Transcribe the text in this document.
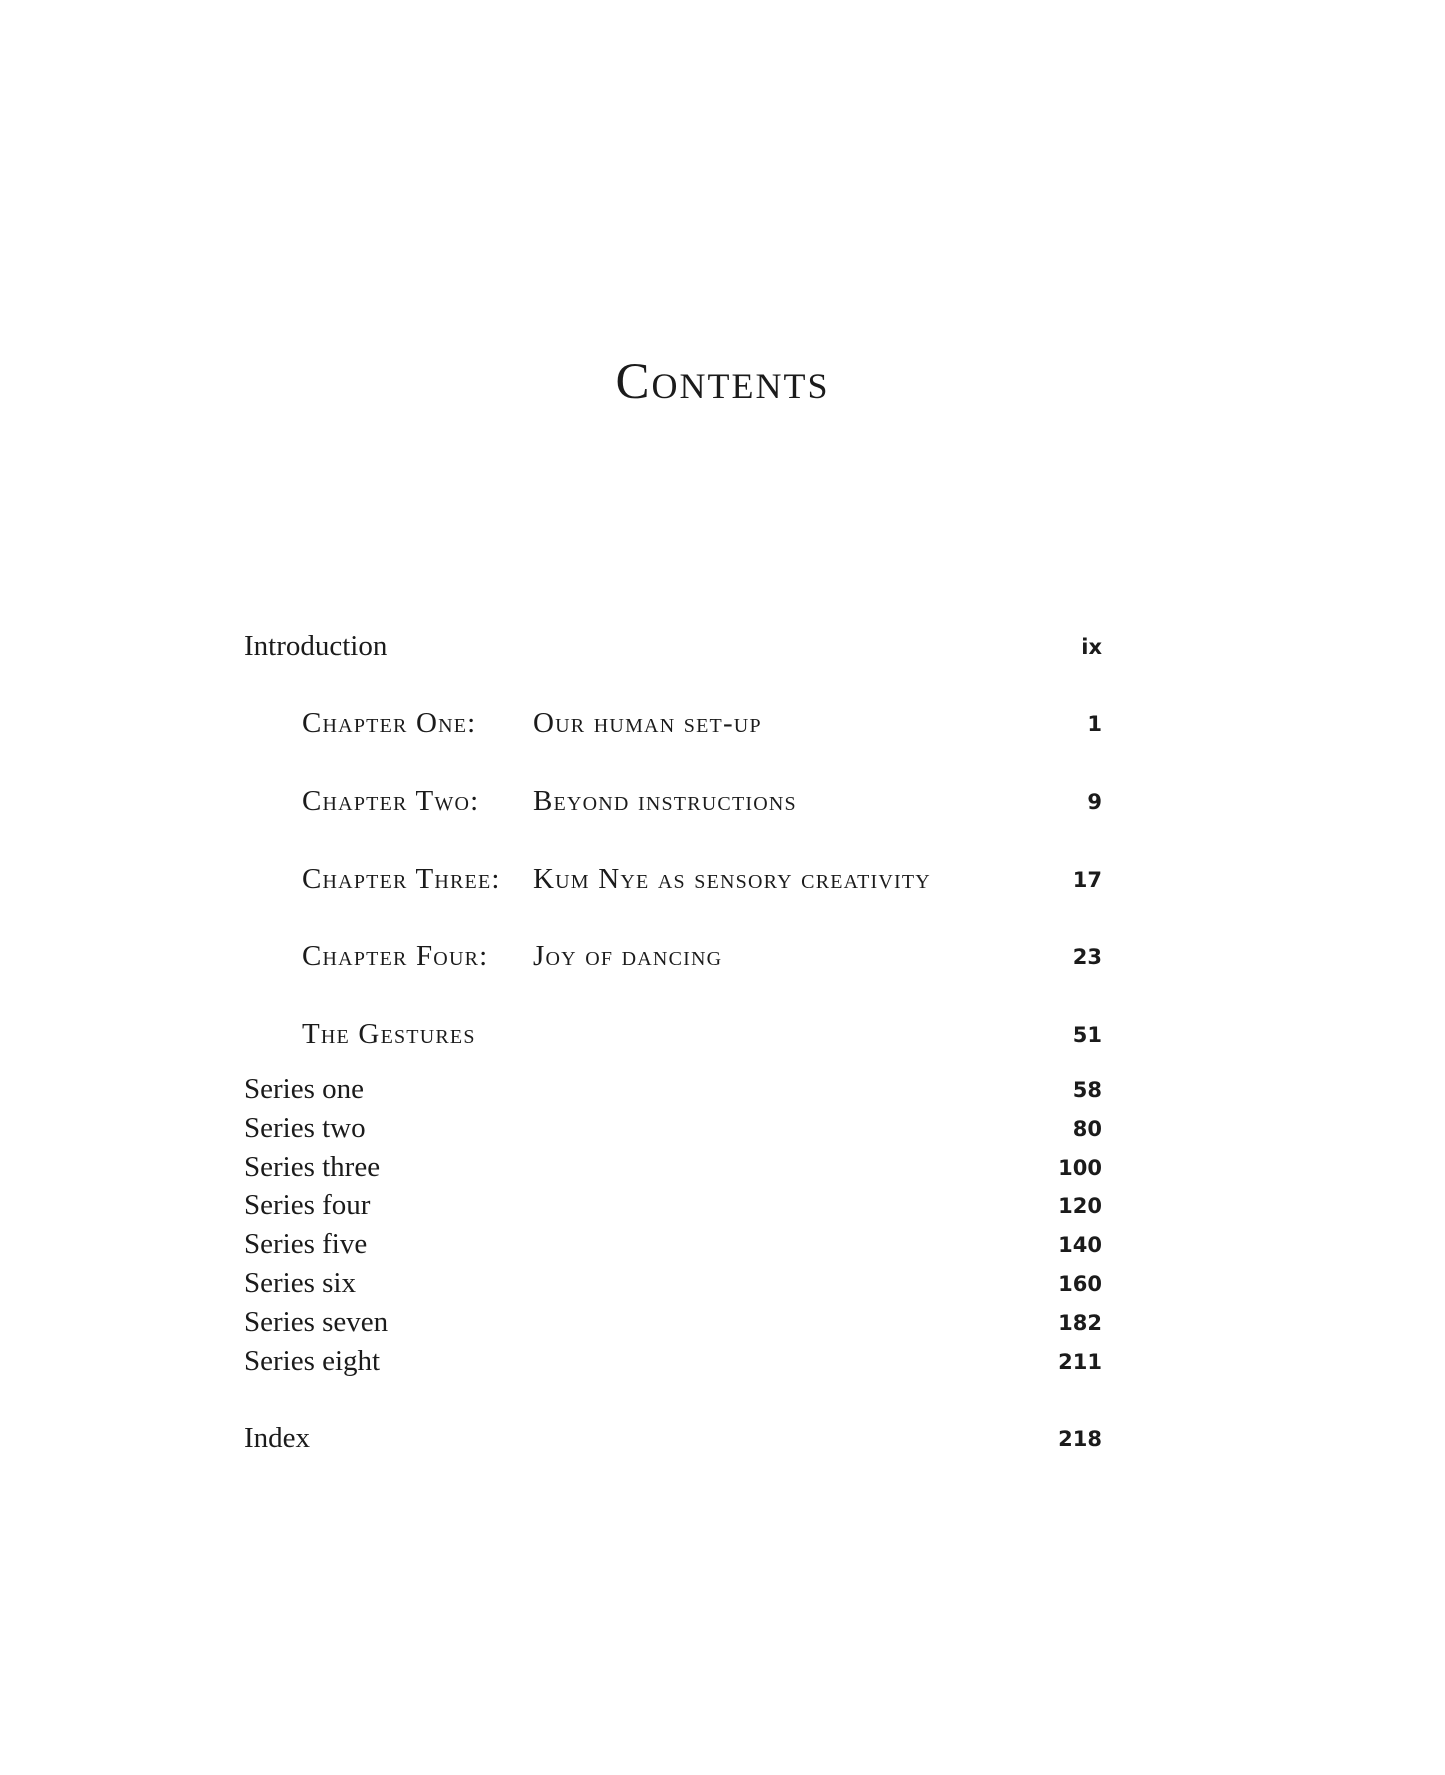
Contents
Introduction	ix
Chapter One: Our human set-up	1
Chapter Two: Beyond instructions	9
Chapter Three: Kum Nye as sensory creativity	17
Chapter Four: Joy of dancing	23
The Gestures	51
Series one	58
Series two	80
Series three	100
Series four	120
Series five	140
Series six	160
Series seven	182
Series eight	211
Index	218
